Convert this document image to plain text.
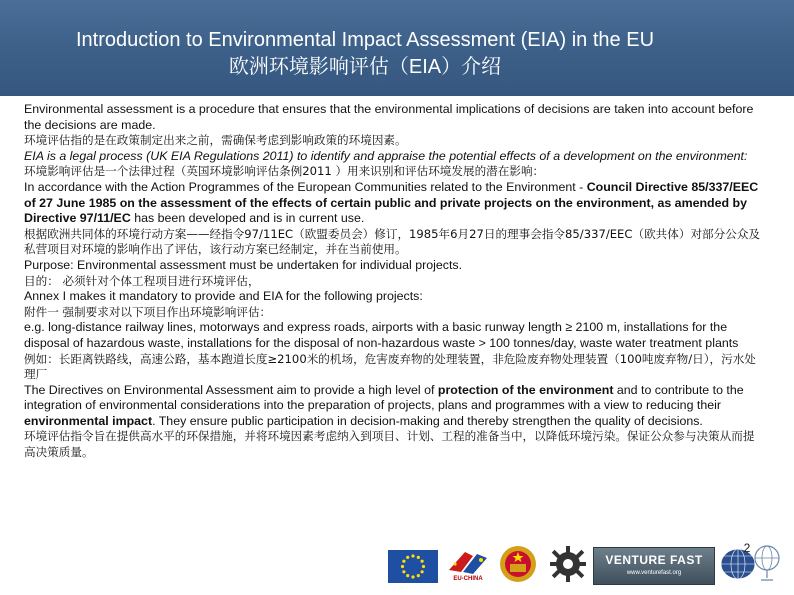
Introduction to Environmental Impact Assessment (EIA) in the EU
欧洲环境影响评估（EIA）介绍

Environmental assessment is a procedure that ensures that the environmental implications of decisions are taken into account before the decisions are made.

环境评估指的是在政策制定出来之前，需确保考虑到影响政策的环境因素。

EIA is a legal process (UK EIA Regulations 2011) to identify and appraise the potential effects of a development on the environment:

环境影响评估是一个法律过程（英国环境影响评估条例2011 ）用来识别和评估环境发展的潜在影响：

In accordance with the Action Programmes of the European Communities related to the Environment - Council Directive 85/337/EEC of 27 June 1985 on the assessment of the effects of certain public and private projects on the environment, as amended by Directive 97/11/EC has been developed and is in current use.

根据欧洲共同体的环境行动方案——经指令97/11EC（欧盟委员会）修订，1985年6月27日的理事会指令85/337/EEC（欧共体）对部分公众及私营项目对环境的影响作出了评估，该行动方案已经制定，并在当前使用。

Purpose: Environmental assessment must be undertaken for individual projects.

目的： 必须针对个体工程项目进行环境评估，

Annex I makes it mandatory to provide and EIA for the following projects:

附件一 强制要求对以下项目作出环境影响评估：

e.g. long-distance railway lines, motorways and express roads, airports with a basic runway length ≥ 2100 m, installations for the disposal of hazardous waste, installations for the disposal of non-hazardous waste > 100 tonnes/day, waste water treatment plants

例如：长距离铁路线，高速公路，基本跑道长度≥2100米的机场，危害废弃物的处理装置，非危险废弃物处理装置（100吨废弃物/日），污水处理厂

The Directives on Environmental Assessment aim to provide a high level of protection of the environment and to contribute to the integration of environmental considerations into the preparation of projects, plans and programmes with a view to reducing their environmental impact. They ensure public participation in decision-making and thereby strengthen the quality of decisions.

环境评估指令旨在提供高水平的环保措施，并将环境因素考虑纳入到项目、计划、工程的准备当中，以降低环境污染。保证公众参与决策从而提高决策质量。

EU-CHINA
VENTURE FAST
www.venturefast.org
2
